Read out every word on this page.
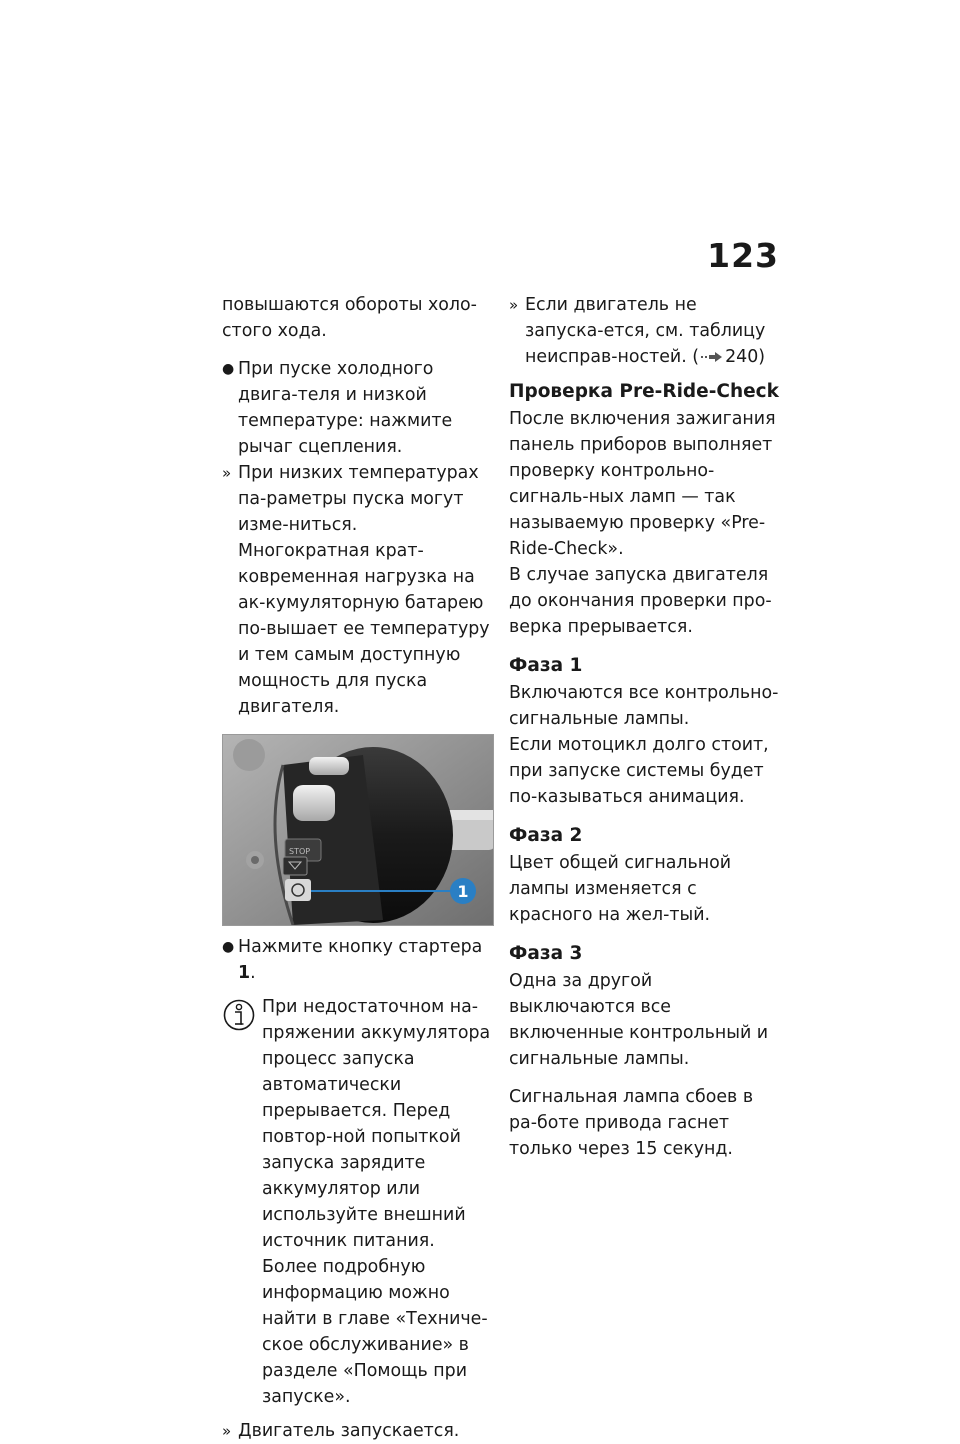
123

повышаются обороты холо-стого хода.

● При пуске холодного двига-теля и низкой температуре: нажмите рычаг сцепления.
» При низких температурах па-раметры пуска могут изме-ниться. Многократная крат-ковременная нагрузка на ак-кумуляторную батарею по-вышает ее температуру и тем самым доступную мощность для пуска двигателя.
STOP
1
● Нажмите кнопку стартера 1.
При недостаточном на-пряжении аккумулятора процесс запуска автоматически прерывается. Перед повтор-ной попыткой запуска зарядите аккумулятор или используйте внешний источник питания. Более подробную информацию можно найти в главе «Техниче-ское обслуживание» в разделе «Помощь при запуске».
» Двигатель запускается.
» Если двигатель не запуска-ется, см. таблицу неисправ-ностей. ( 240)
Проверка Pre-Ride-Check

После включения зажигания панель приборов выполняет проверку контрольно-сигналь-ных ламп — так называемую проверку «Pre-Ride-Check».

В случае запуска двигателя до окончания проверки про-верка прерывается.

Фаза 1

Включаются все контрольно-сигнальные лампы.

Если мотоцикл долго стоит, при запуске системы будет по-казываться анимация.

Фаза 2

Цвет общей сигнальной лампы изменяется с красного на жел-тый.

Фаза 3

Одна за другой выключаются все включенные контрольный и сигнальные лампы.

Сигнальная лампа сбоев в ра-боте привода гаснет только через 15 секунд.
